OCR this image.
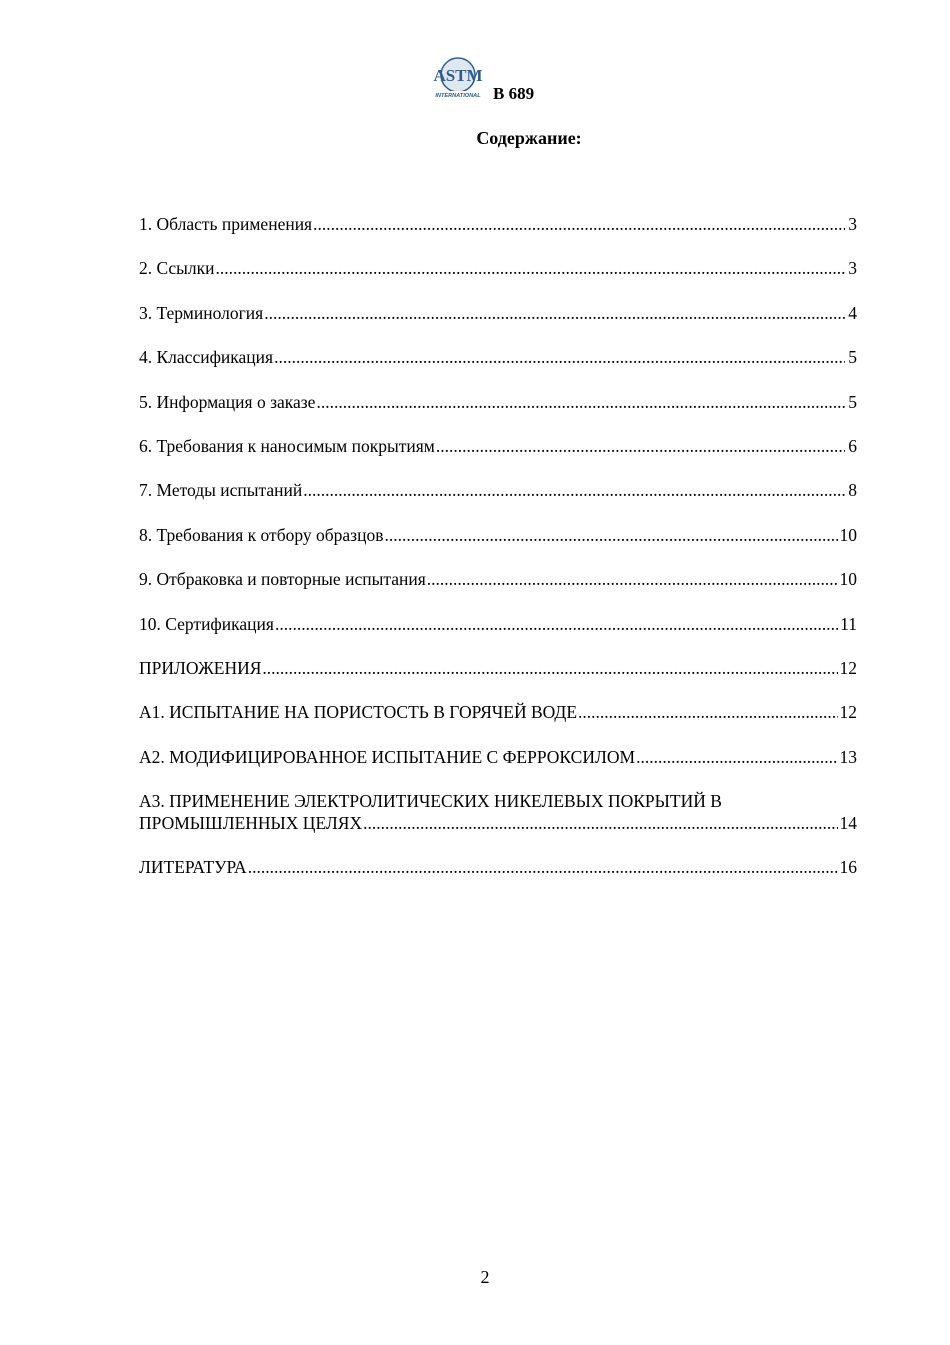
ASTM
INTERNATIONAL B 689
Содержание:
1. Область применения .....	3
2. Ссылки .....	3
3. Терминология .....	4
4. Классификация .....	5
5. Информация о заказе .....	5
6. Требования к наносимым покрытиям .....	6
7. Методы испытаний .....	8
8. Требования к отбору образцов .....	10
9. Отбраковка и повторные испытания .....	10
10. Сертификация .....	11
ПРИЛОЖЕНИЯ .....	12
А1. ИСПЫТАНИЕ НА ПОРИСТОСТЬ В ГОРЯЧЕЙ ВОДЕ .....	12
А2. МОДИФИЦИРОВАННОЕ ИСПЫТАНИЕ С ФЕРРОКСИЛОМ .....	13
А3. ПРИМЕНЕНИЕ ЭЛЕКТРОЛИТИЧЕСКИХ НИКЕЛЕВЫХ ПОКРЫТИЙ В
ПРОМЫШЛЕННЫХ ЦЕЛЯХ .....	14
ЛИТЕРАТУРА .....	16
2
